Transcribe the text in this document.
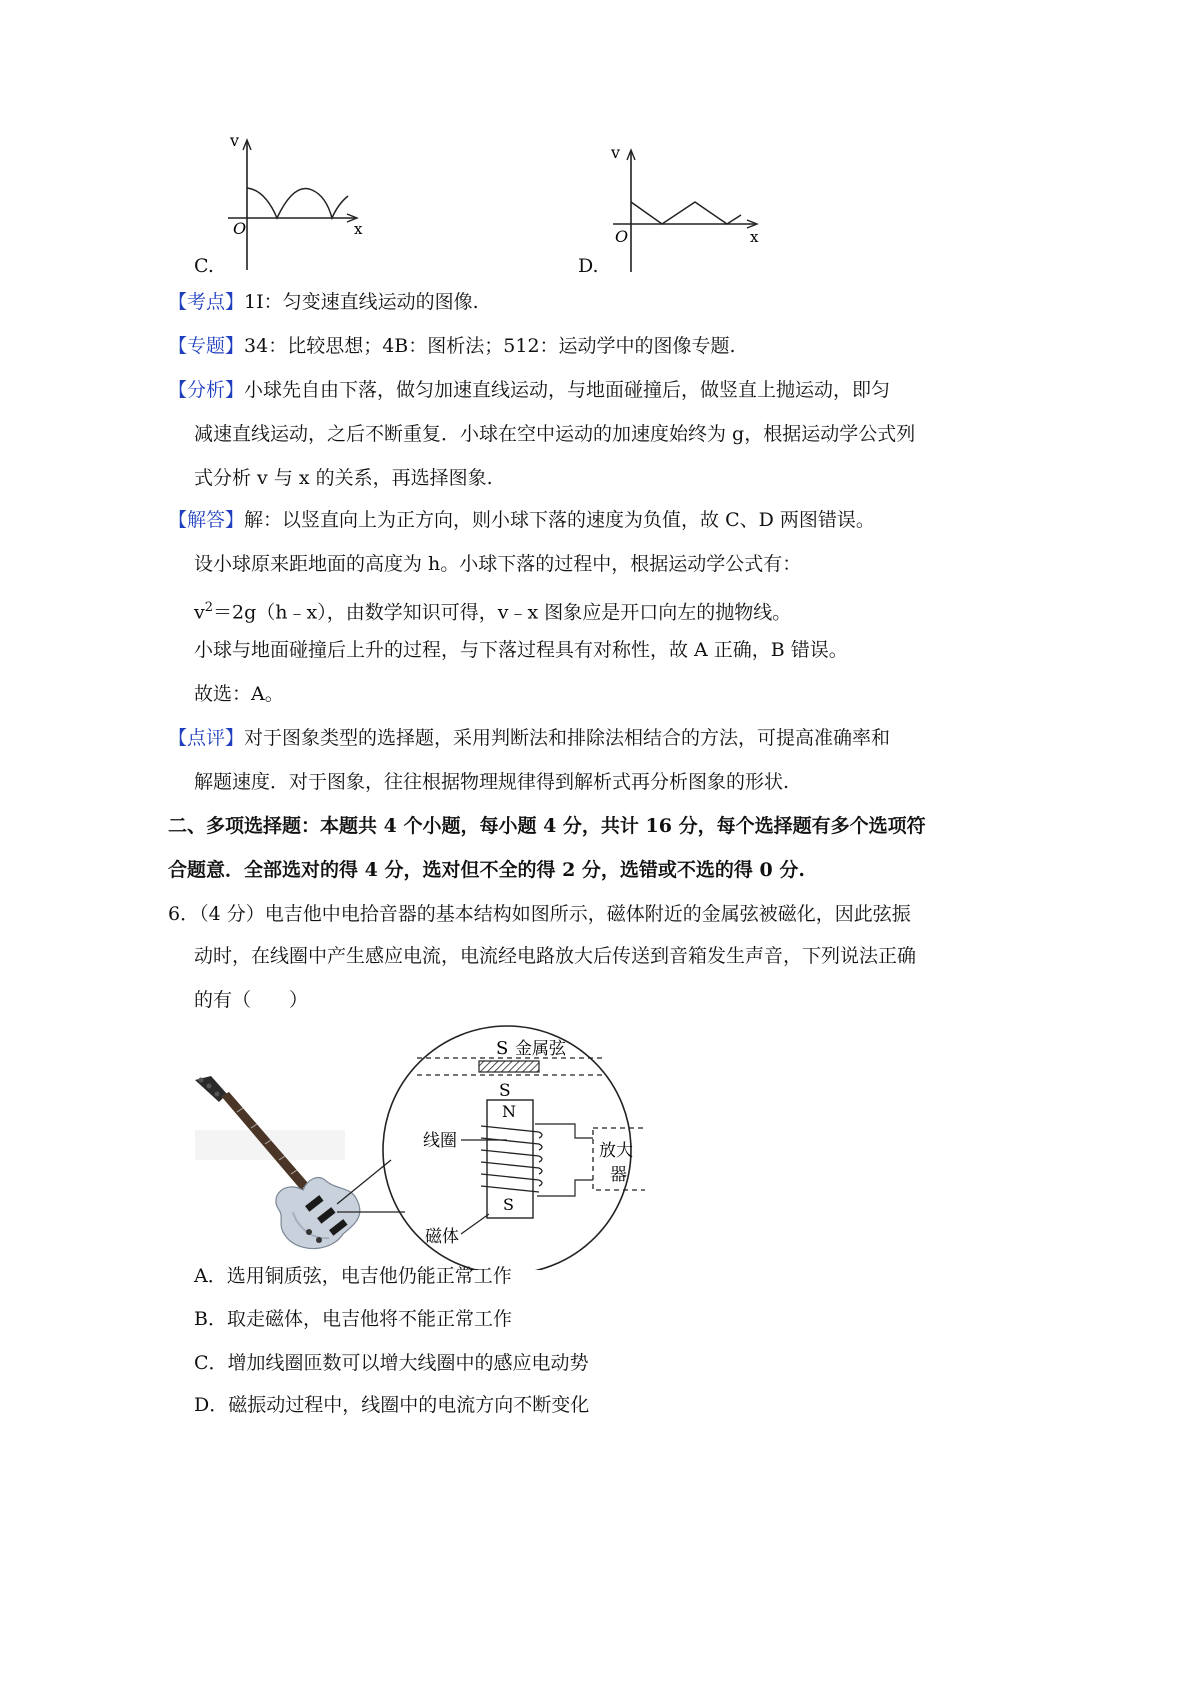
v
O	x
C.
v
O	x
D.
【考点】1I：匀变速直线运动的图像.
【专题】34：比较思想；4B：图析法；512：运动学中的图像专题.
【分析】小球先自由下落，做匀加速直线运动，与地面碰撞后，做竖直上抛运动，即匀
减速直线运动，之后不断重复．小球在空中运动的加速度始终为 g，根据运动学公式列
式分析 v 与 x 的关系，再选择图象.
【解答】解：以竖直向上为正方向，则小球下落的速度为负值，故 C、D 两图错误。
设小球原来距地面的高度为 h。小球下落的过程中，根据运动学公式有：
$v^2=2g(h﹣x)$，由数学知识可得，v﹣x 图象应是开口向左的抛物线。
小球与地面碰撞后上升的过程，与下落过程具有对称性，故 A 正确，B 错误。
故选：A。
【点评】对于图象类型的选择题，采用判断法和排除法相结合的方法，可提高准确率和
解题速度．对于图象，往往根据物理规律得到解析式再分析图象的形状.
二、多项选择题：本题共 4 个小题，每小题 4 分，共计 16 分，每个选择题有多个选项符
合题意．全部选对的得 4 分，选对但不全的得 2 分，选错或不选的得 0 分.
6．（4 分）电吉他中电拾音器的基本结构如图所示，磁体附近的金属弦被磁化，因此弦振
动时，在线圈中产生感应电流，电流经电路放大后传送到音箱发生声音，下列说法正确
的有（　　）
S 金属弦
S
N
S
放大
器
线圈
磁体
A．选用铜质弦，电吉他仍能正常工作
B．取走磁体，电吉他将不能正常工作
C．增加线圈匝数可以增大线圈中的感应电动势
D．磁振动过程中，线圈中的电流方向不断变化
